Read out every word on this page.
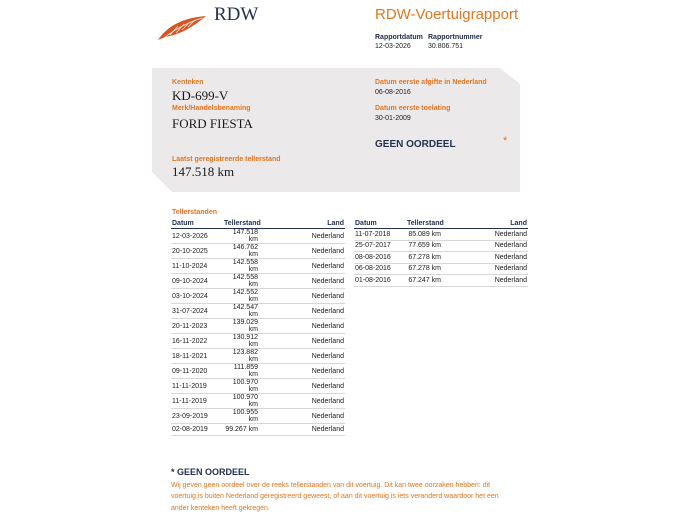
RDW	RDW-Voertuigrapport
Rapportdatum
12-03-2026
Rapportnummer
30.806.751
Kenteken
KD-699-V
Merk/Handelsbenaming
FORD FIESTA
Laatst geregistreerde tellerstand
147.518 km
Datum eerste afgifte in Nederland
06-08-2016
Datum eerste toelating
30-01-2009
GEEN OORDEEL	*
Tellerstanden
Datum	Tellerstand	Land
12-03-2026	147.518 km	Nederland
20-10-2025	146.762 km	Nederland
11-10-2024	142.558 km	Nederland
09-10-2024	142.558 km	Nederland
03-10-2024	142.552 km	Nederland
31-07-2024	142.547 km	Nederland
20-11-2023	139.029 km	Nederland
16-11-2022	130.912 km	Nederland
18-11-2021	123.882 km	Nederland
09-11-2020	111.859 km	Nederland
11-11-2019	100.970 km	Nederland
11-11-2019	100.970 km	Nederland
23-09-2019	100.955 km	Nederland
02-08-2019	99.267 km	Nederland
Datum	Tellerstand	Land
11-07-2018	85.089 km	Nederland
25-07-2017	77.659 km	Nederland
08-08-2016	67.278 km	Nederland
06-08-2016	67.278 km	Nederland
01-08-2016	67.247 km	Nederland
* GEEN OORDEEL
Wij geven geen oordeel over de reeks tellerstanden van dit voertuig. Dit kan twee oorzaken hebben: dit voertuig is buiten Nederland geregistreerd geweest, of aan dit voertuig is iets veranderd waardoor het een ander kenteken heeft gekregen.
